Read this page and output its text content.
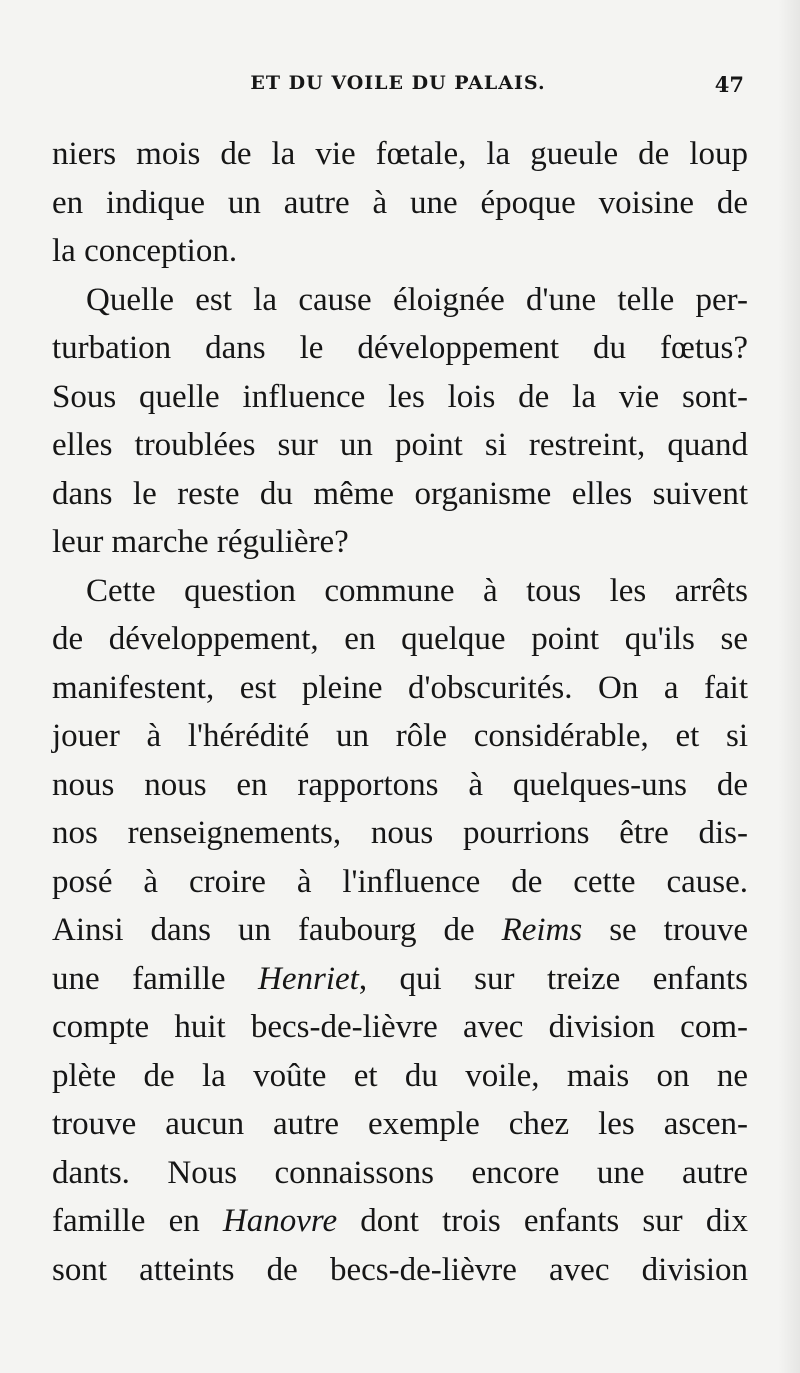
ET DU VOILE DU PALAIS.	47
niers mois de la vie fœtale, la gueule de loup
en indique un autre à une époque voisine de
la conception.
Quelle est la cause éloignée d'une telle per-
turbation dans le développement du fœtus?
Sous quelle influence les lois de la vie sont-
elles troublées sur un point si restreint, quand
dans le reste du même organisme elles suivent
leur marche régulière?
Cette question commune à tous les arrêts
de développement, en quelque point qu'ils se
manifestent, est pleine d'obscurités. On a fait
jouer à l'hérédité un rôle considérable, et si
nous nous en rapportons à quelques-uns de
nos renseignements, nous pourrions être dis-
posé à croire à l'influence de cette cause.
Ainsi dans un faubourg de Reims se trouve
une famille Henriet, qui sur treize enfants
compte huit becs-de-lièvre avec division com-
plète de la voûte et du voile, mais on ne
trouve aucun autre exemple chez les ascen-
dants. Nous connaissons encore une autre
famille en Hanovre dont trois enfants sur dix
sont atteints de becs-de-lièvre avec division
